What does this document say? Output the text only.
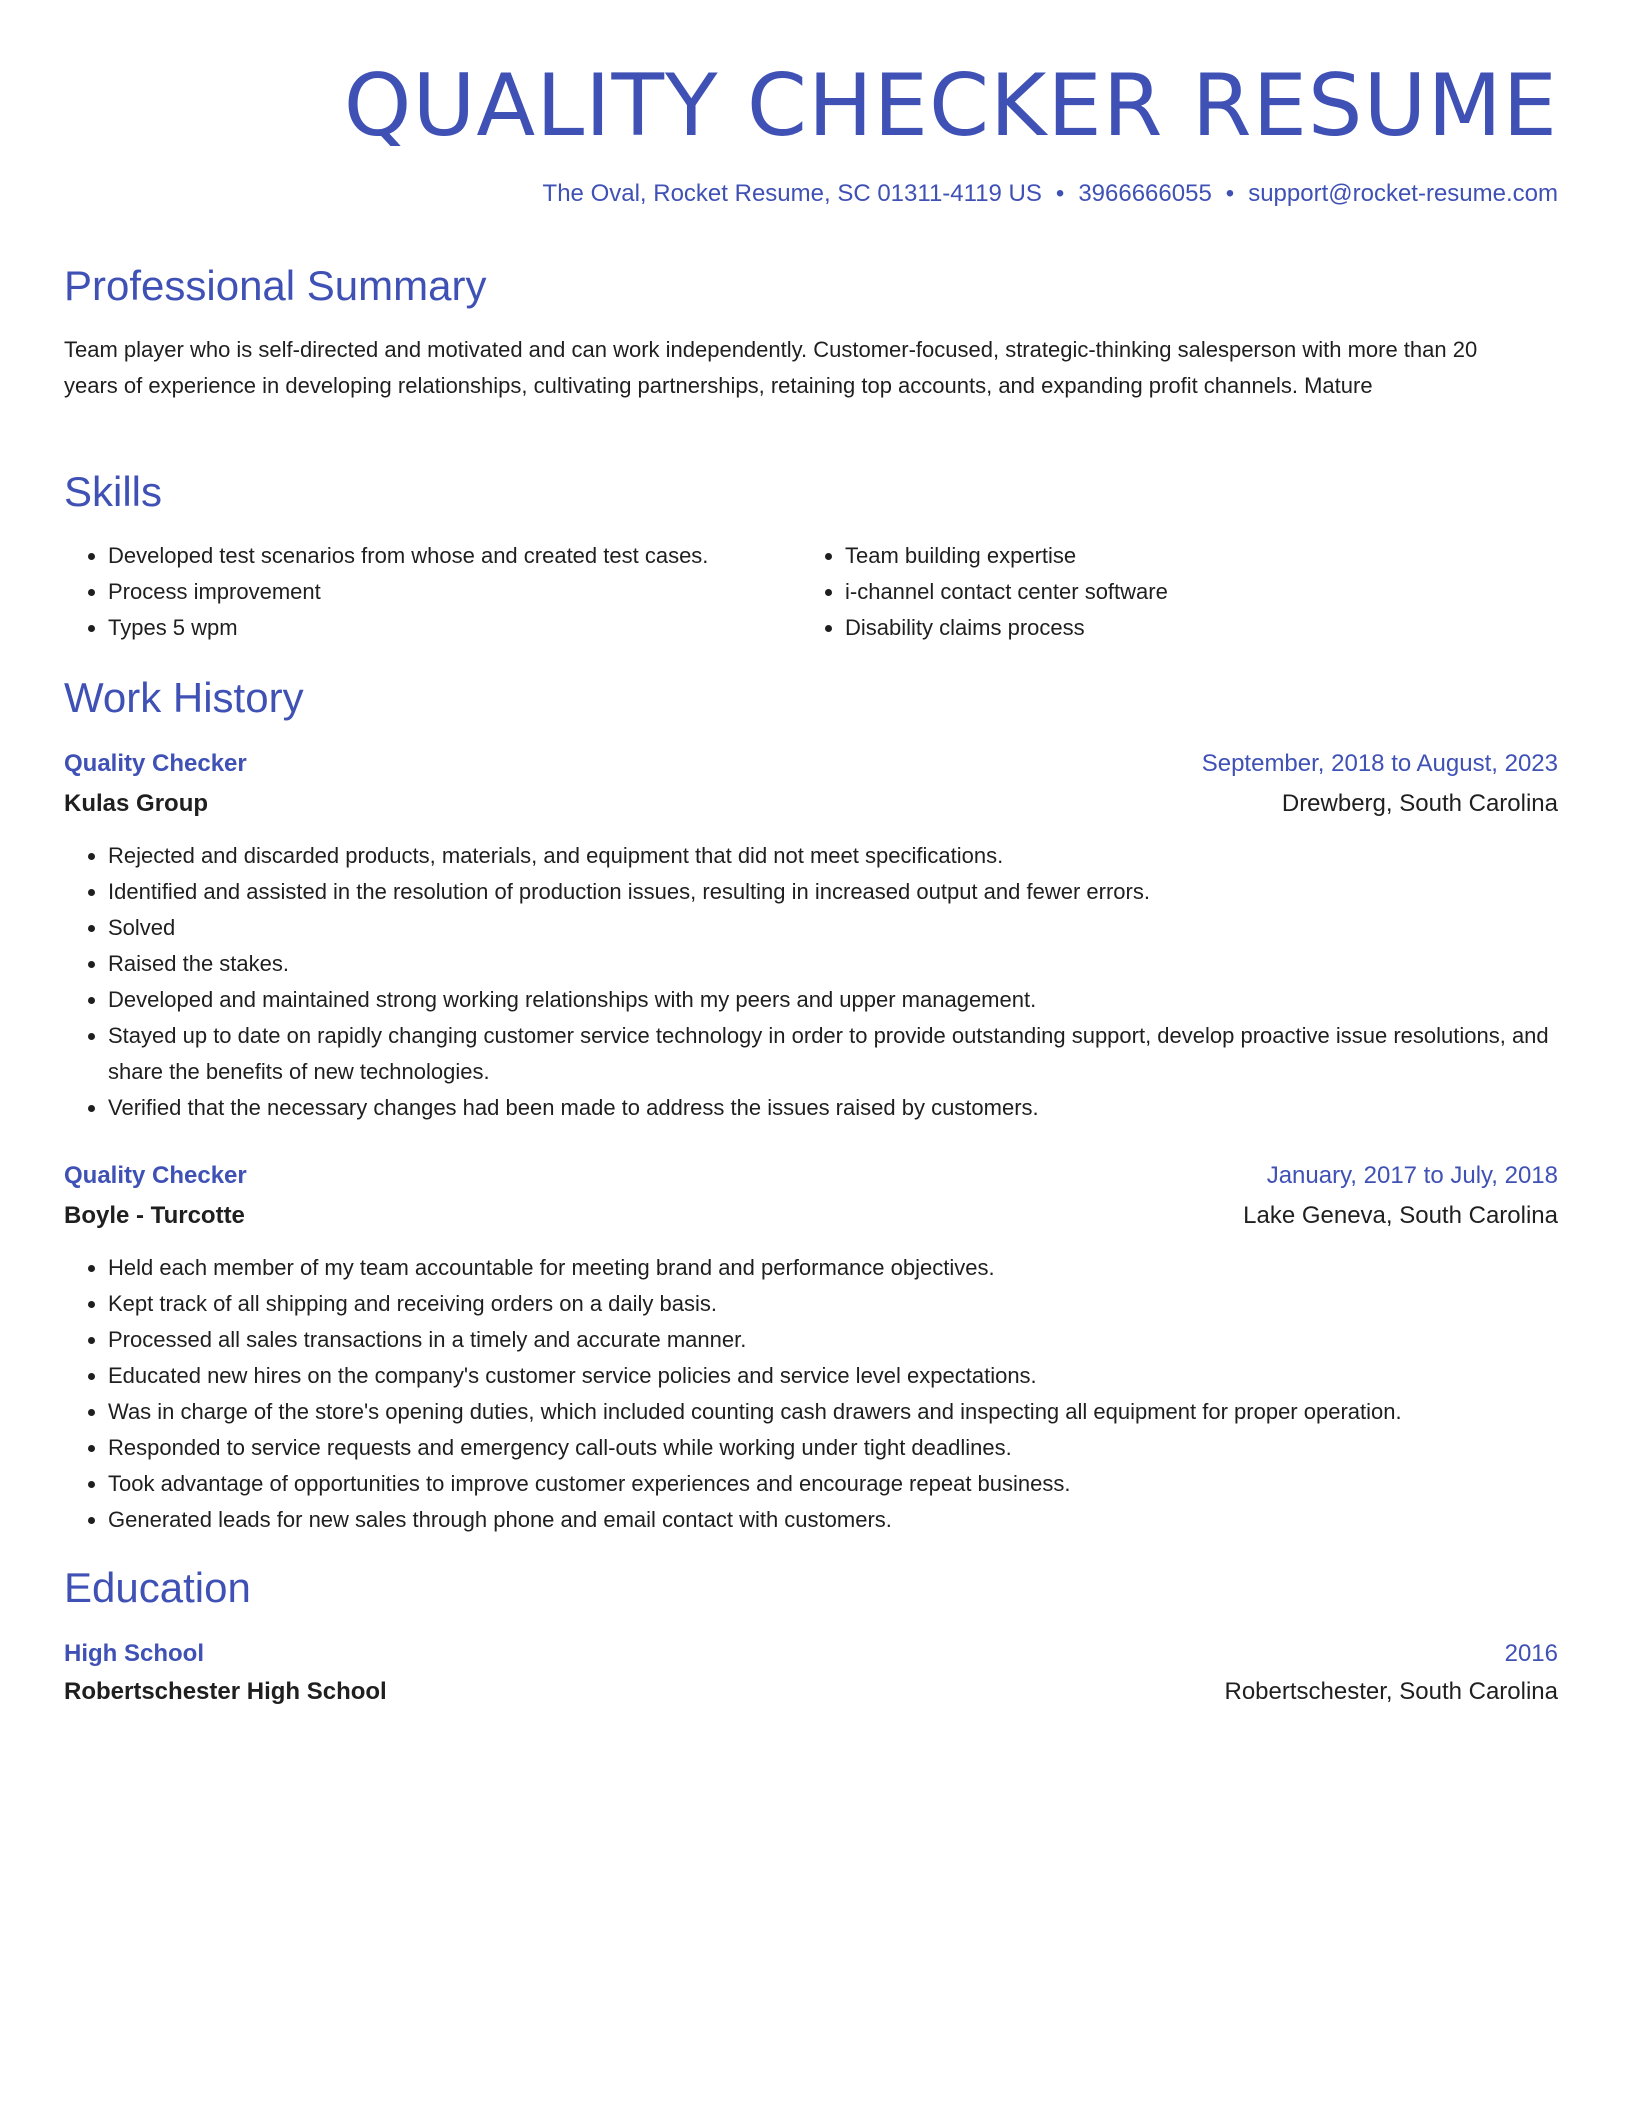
QUALITY CHECKER RESUME
The Oval, Rocket Resume, SC 01311-4119 US • 3966666055 • support@rocket-resume.com
Professional Summary

Team player who is self-directed and motivated and can work independently. Customer-focused, strategic-thinking salesperson with more than 20 years of experience in developing relationships, cultivating partnerships, retaining top accounts, and expanding profit channels. Mature

Skills
• Developed test scenarios from whose and created test cases.
• Process improvement
• Types 5 wpm
• Team building expertise
• i-channel contact center software
• Disability claims process
Work History
Quality Checker	September, 2018 to August, 2023
Kulas Group	Drewberg, South Carolina
• Rejected and discarded products, materials, and equipment that did not meet specifications.
• Identified and assisted in the resolution of production issues, resulting in increased output and fewer errors.
• Solved
• Raised the stakes.
• Developed and maintained strong working relationships with my peers and upper management.
• Stayed up to date on rapidly changing customer service technology in order to provide outstanding support, develop proactive issue resolutions, and share the benefits of new technologies.
• Verified that the necessary changes had been made to address the issues raised by customers.
Quality Checker	January, 2017 to July, 2018
Boyle - Turcotte	Lake Geneva, South Carolina
• Held each member of my team accountable for meeting brand and performance objectives.
• Kept track of all shipping and receiving orders on a daily basis.
• Processed all sales transactions in a timely and accurate manner.
• Educated new hires on the company's customer service policies and service level expectations.
• Was in charge of the store's opening duties, which included counting cash drawers and inspecting all equipment for proper operation.
• Responded to service requests and emergency call-outs while working under tight deadlines.
• Took advantage of opportunities to improve customer experiences and encourage repeat business.
• Generated leads for new sales through phone and email contact with customers.
Education
High School	2016
Robertschester High School	Robertschester, South Carolina
